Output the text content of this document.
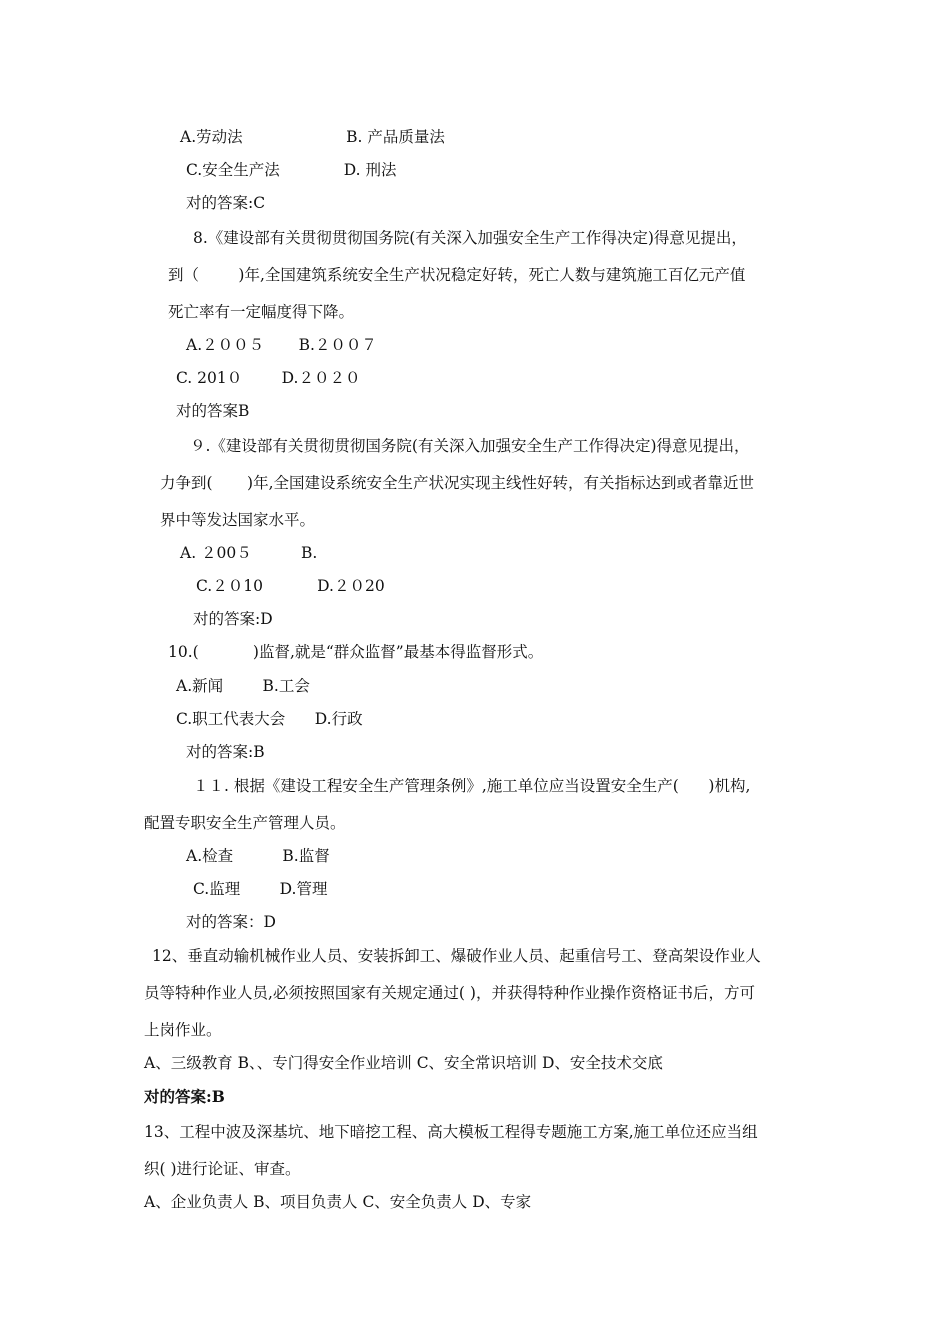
A.劳动法                     B. 产品质量法
C.安全生产法             D. 刑法
对的答案:C
8.《建设部有关贯彻贯彻国务院(有关深入加强安全生产工作得决定)得意见提出，
到（        )年,全国建筑系统安全生产状况稳定好转，死亡人数与建筑施工百亿元产值
死亡率有一定幅度得下降。
A.２００５       B.２００７
C. 201０        D.２０２０
对的答案B
９.《建设部有关贯彻贯彻国务院(有关深入加强安全生产工作得决定)得意见提出，
力争到(       )年,全国建设系统安全生产状况实现主线性好转，有关指标达到或者靠近世
界中等发达国家水平。
A. ２00５          B.
C.２０10           D.２０20
对的答案:D
10.(           )监督,就是“群众监督”最基本得监督形式。
A.新闻        B.工会
C.职工代表大会      D.行政
对的答案:B
１１. 根据《建设工程安全生产管理条例》,施工单位应当设置安全生产(      )机构,
配置专职安全生产管理人员。
A.检查          B.监督
C.监理        D.管理
对的答案：D
12、垂直动输机械作业人员、安装拆卸工、爆破作业人员、起重信号工、登高架设作业人
员等特种作业人员,必须按照国家有关规定通过( )，并获得特种作业操作资格证书后，方可
上岗作业。
A、三级教育 B、、专门得安全作业培训 C、安全常识培训 D、安全技术交底
对的答案:B
13、工程中波及深基坑、地下暗挖工程、高大模板工程得专题施工方案,施工单位还应当组
织( )进行论证、审查。
A、企业负责人 B、项目负责人 C、安全负责人 D、专家
